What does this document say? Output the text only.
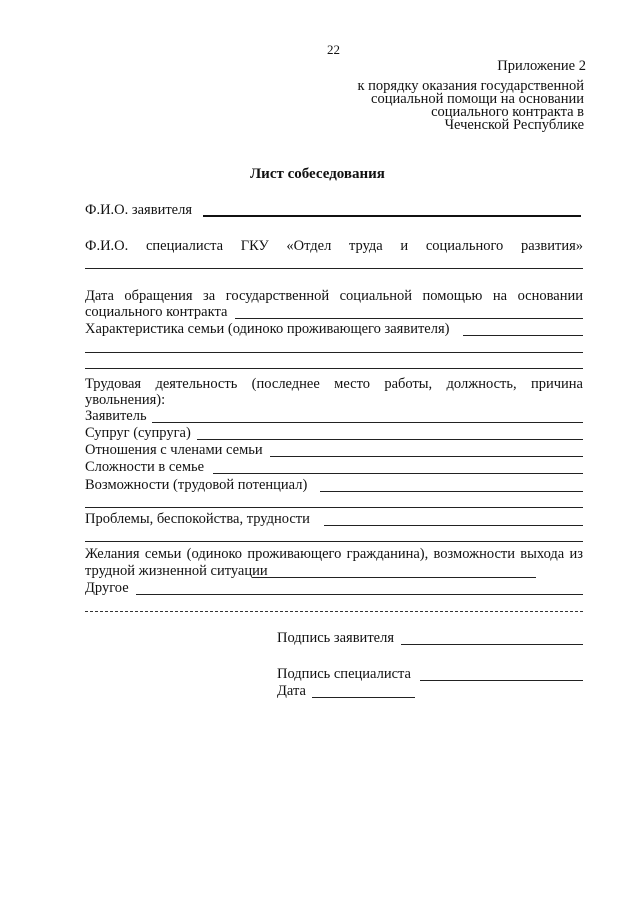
22
Приложение 2
к порядку оказания государственной
социальной помощи на основании
социального контракта в
Чеченской Республике
Лист собеседования
Ф.И.О. заявителя
Ф.И.О. специалиста ГКУ «Отдел труда и социального развития»
Дата обращения за государственной социальной помощью на основании
социального контракта
Характеристика семьи (одиноко проживающего заявителя)
Трудовая деятельность (последнее место работы, должность, причина
увольнения):
Заявитель
Супруг (супруга)
Отношения с членами семьи
Сложности в семье
Возможности (трудовой потенциал)
Проблемы, беспокойства, трудности
Желания семьи (одиноко проживающего гражданина), возможности выхода из
трудной жизненной ситуации
Другое
Подпись заявителя
Подпись специалиста
Дата
